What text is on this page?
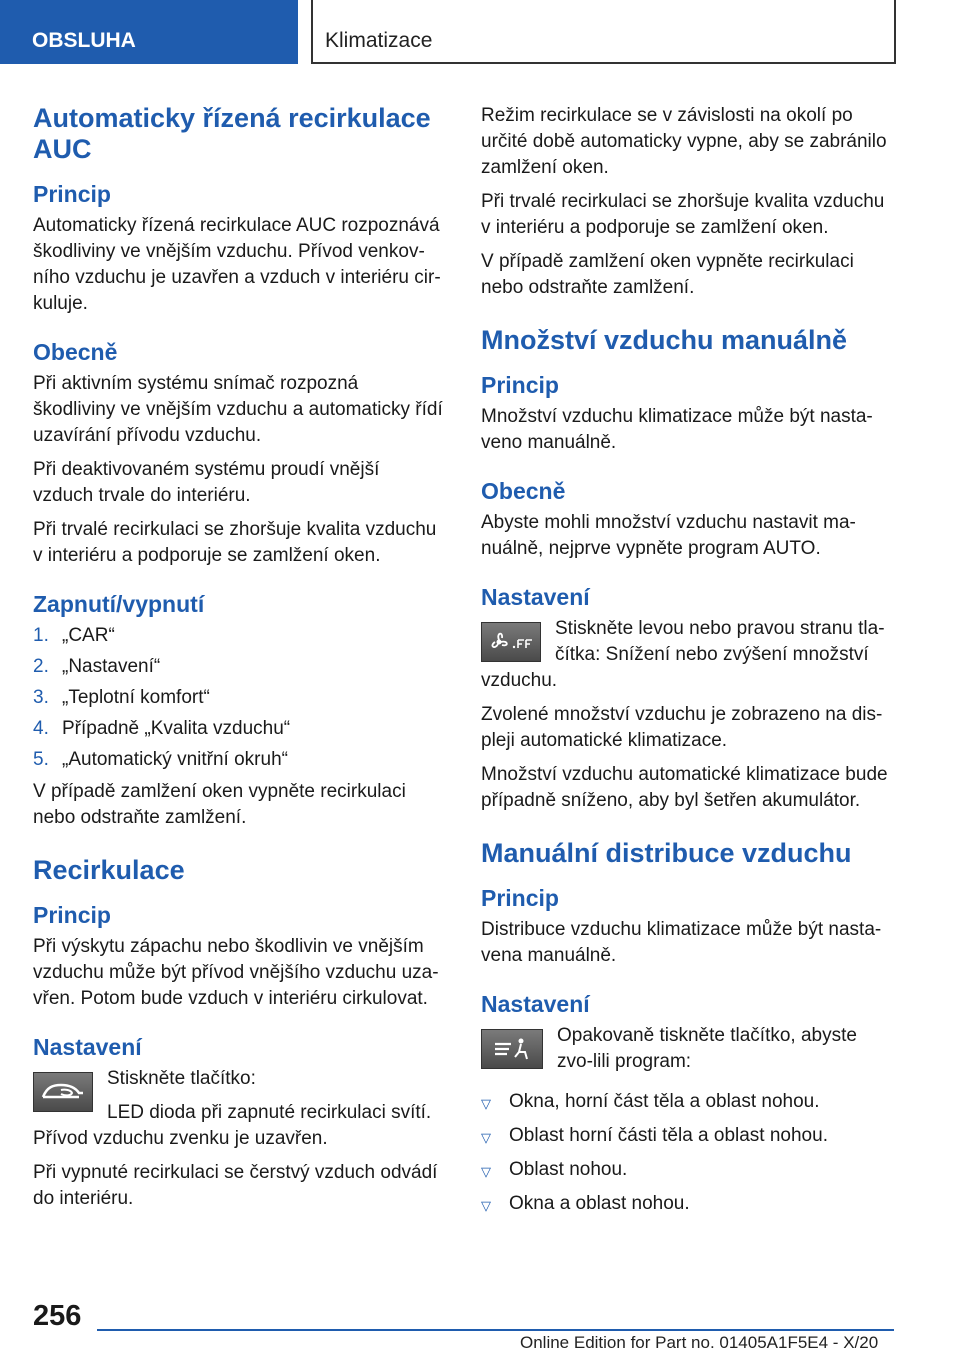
OBSLUHA	Klimatizace
Automaticky řízená recirkulace AUC
Princip

Automaticky řízená recirkulace AUC rozpoznává škodliviny ve vnějším vzduchu. Přívod venkov-ního vzduchu je uzavřen a vzduch v interiéru cir-kuluje.

Obecně

Při aktivním systému snímač rozpozná škodliviny ve vnějším vzduchu a automaticky řídí uzavírání přívodu vzduchu.

Při deaktivovaném systému proudí vnější vzduch trvale do interiéru.

Při trvalé recirkulaci se zhoršuje kvalita vzduchu v interiéru a podporuje se zamlžení oken.

Zapnutí/vypnutí
1. „CAR“
2. „Nastavení“
3. „Teplotní komfort“
4. Případně „Kvalita vzduchu“
5. „Automatický vnitřní okruh“

V případě zamlžení oken vypněte recirkulaci nebo odstraňte zamlžení.

Recirkulace
Princip

Při výskytu zápachu nebo škodlivin ve vnějším vzduchu může být přívod vnějšího vzduchu uza-vřen. Potom bude vzduch v interiéru cirkulovat.

Nastavení

Stiskněte tlačítko:

LED dioda při zapnuté recirkulaci svítí. Přívod vzduchu zvenku je uzavřen.

Při vypnuté recirkulaci se čerstvý vzduch odvádí do interiéru.

Režim recirkulace se v závislosti na okolí po určité době automaticky vypne, aby se zabránilo zamlžení oken.

Při trvalé recirkulaci se zhoršuje kvalita vzduchu v interiéru a podporuje se zamlžení oken.

V případě zamlžení oken vypněte recirkulaci nebo odstraňte zamlžení.

Množství vzduchu manuálně
Princip

Množství vzduchu klimatizace může být nasta-veno manuálně.

Obecně

Abyste mohli množství vzduchu nastavit ma-nuálně, nejprve vypněte program AUTO.

Nastavení

Stiskněte levou nebo pravou stranu tla-čítka: Snížení nebo zvýšení množství vzduchu.

Zvolené množství vzduchu je zobrazeno na dis-pleji automatické klimatizace.

Množství vzduchu automatické klimatizace bude případně sníženo, aby byl šetřen akumulátor.

Manuální distribuce vzduchu
Princip

Distribuce vzduchu klimatizace může být nasta-vena manuálně.

Nastavení

Opakovaně tiskněte tlačítko, abyste zvo-lili program:

▽ Okna, horní část těla a oblast nohou.
▽ Oblast horní části těla a oblast nohou.
▽ Oblast nohou.
▽ Okna a oblast nohou.
256
Online Edition for Part no. 01405A1F5E4 - X/20
